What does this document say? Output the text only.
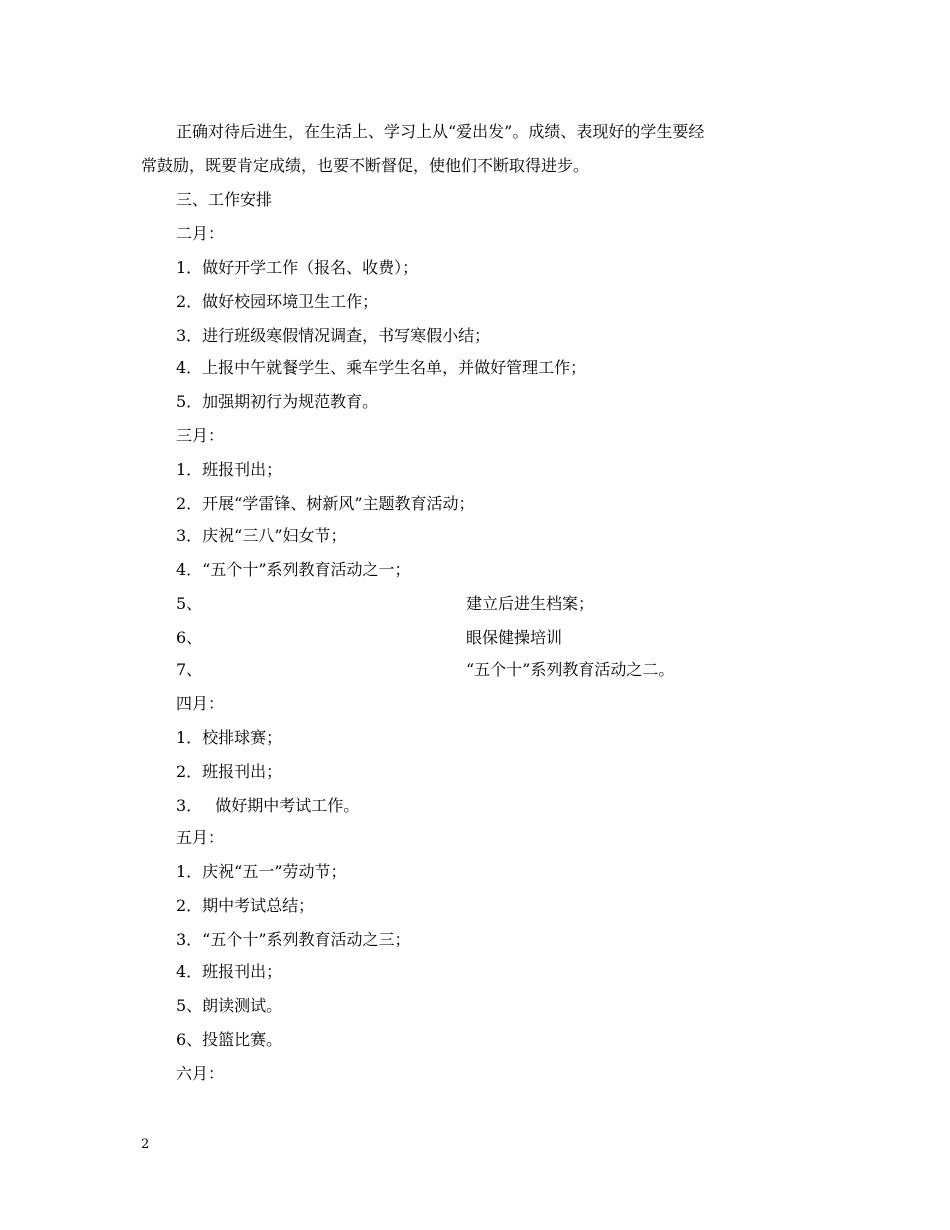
正确对待后进生，在生活上、学习上从“爱出发”。成绩、表现好的学生要经
常鼓励，既要肯定成绩，也要不断督促，使他们不断取得进步。
三、工作安排
二月：
1．做好开学工作（报名、收费）；
2．做好校园环境卫生工作；
3．进行班级寒假情况调查，书写寒假小结；
4．上报中午就餐学生、乘车学生名单，并做好管理工作；
5．加强期初行为规范教育。
三月：
1．班报刊出；
2．开展“学雷锋、树新风”主题教育活动；
3．庆祝“三八”妇女节；
4．“五个十”系列教育活动之一；
5、	建立后进生档案；
6、	眼保健操培训
7、	“五个十”系列教育活动之二。
四月：
1．校排球赛；
2．班报刊出；
3．　 做好期中考试工作。
五月：
1．庆祝“五一”劳动节；
2．期中考试总结；
3．“五个十”系列教育活动之三；
4．班报刊出；
5、朗读测试。
6、投篮比赛。
六月：
2
